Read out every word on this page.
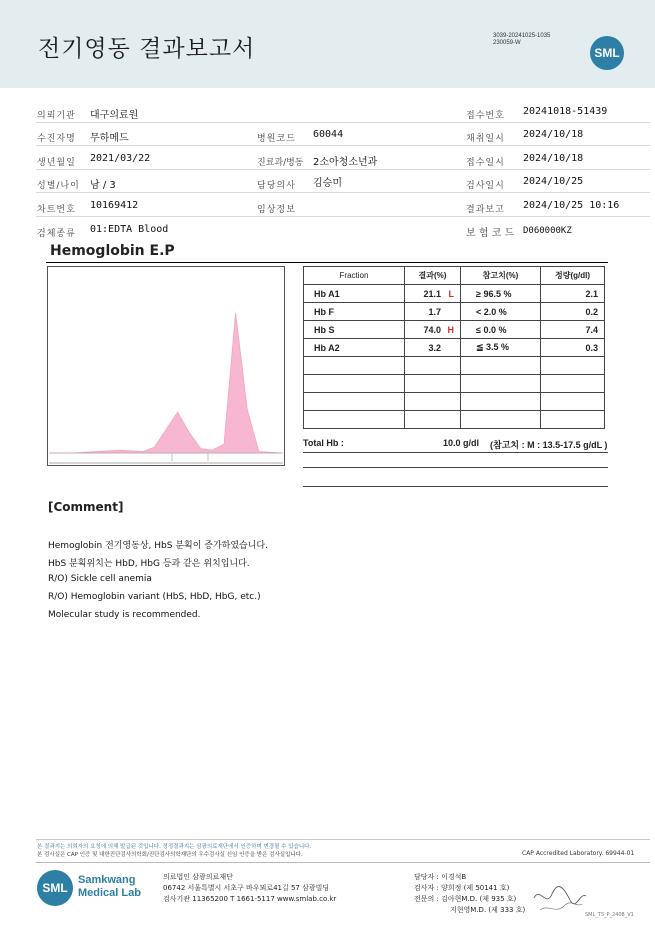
전기영동 결과보고서	3039-20241025-1035
230059-W
SML
의뢰기관 대구의료원	접수번호 20241018-51439
수진자명 무하메드	병원코드 60044	채취일시 2024/10/18
생년월일 2021/03/22	진료과/병동 2소아청소년과	접수일시 2024/10/18
성별/나이 남 / 3	담당의사 김승미	검사일시 2024/10/25
차트번호 10169412	임상정보	결과보고 2024/10/25 10:16
검체종류 01:EDTA Blood	보 험 코 드 D060000KZ
Hemoglobin E.P
Fraction	결과(%)	참고치(%)	정량(g/dl)
Hb A1	21.1 L	≥ 96.5 %	2.1
Hb F	1.7	< 2.0 %	0.2
Hb S	74.0 H	≤ 0.0 %	7.4
Hb A2	3.2	≦ 3.5 %	0.3

Total Hb :	10.0 g/dl (참고치 : M : 13.5-17.5 g/dL )
[Comment]
Hemoglobin 전기영동상, HbS 분획이 증가하였습니다.
HbS 분획위치는 HbD, HbG 등과 같은 위치입니다.
R/O) Sickle cell anemia
R/O) Hemoglobin variant (HbS, HbD, HbG, etc.)
Molecular study is recommended.
본 결과지는 의뢰자의 요청에 의해 발급된 것입니다. 정정결과지는 삼광의료재단에서 인증하며 변경될 수 있습니다.
본 검사실은 CAP 인증 및 대한진단검사의학회/진단검사의학재단의 우수검사실 신임 인증을 받은 검사실입니다.	CAP Accredited Laboratory. 69944-01
SML
Samkwang
Medical Lab
의료법인 삼광의료재단
06742 서울특별시 서초구 바우뫼로41길 57 삼광빌딩
검사기관 11365200 T 1661-5117 www.smlab.co.kr
담당자 : 이경석B
검사자 : 양희정 (제 50141 호)
전문의 : 김아현M.D. (제 935 호)
지현영M.D. (제 333 호)
SML_TS_P_2408_V1
